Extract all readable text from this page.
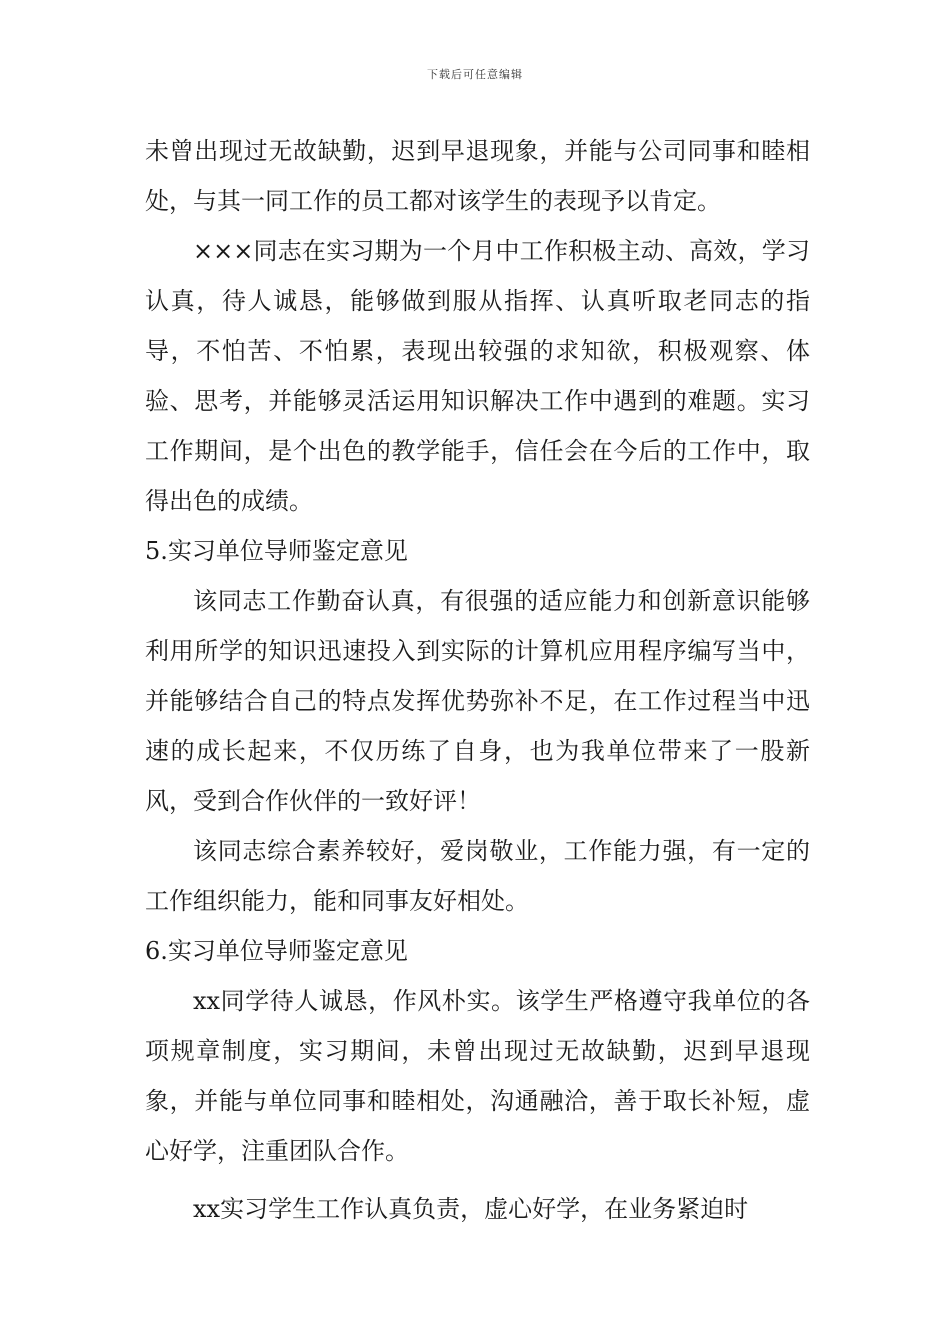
下载后可任意编辑

未曾出现过无故缺勤，迟到早退现象，并能与公司同事和睦相处，与其一同工作的员工都对该学生的表现予以肯定。

×××同志在实习期为一个月中工作积极主动、高效，学习认真，待人诚恳，能够做到服从指挥、认真听取老同志的指导，不怕苦、不怕累，表现出较强的求知欲，积极观察、体验、思考，并能够灵活运用知识解决工作中遇到的难题。实习工作期间，是个出色的教学能手，信任会在今后的工作中，取得出色的成绩。

5.实习单位导师鉴定意见

该同志工作勤奋认真，有很强的适应能力和创新意识能够利用所学的知识迅速投入到实际的计算机应用程序编写当中，并能够结合自己的特点发挥优势弥补不足，在工作过程当中迅速的成长起来，不仅历练了自身，也为我单位带来了一股新风，受到合作伙伴的一致好评！

该同志综合素养较好，爱岗敬业，工作能力强，有一定的工作组织能力，能和同事友好相处。

6.实习单位导师鉴定意见

xx同学待人诚恳，作风朴实。该学生严格遵守我单位的各项规章制度，实习期间，未曾出现过无故缺勤，迟到早退现象，并能与单位同事和睦相处，沟通融洽，善于取长补短，虚心好学，注重团队合作。

xx实习学生工作认真负责，虚心好学，在业务紧迫时
